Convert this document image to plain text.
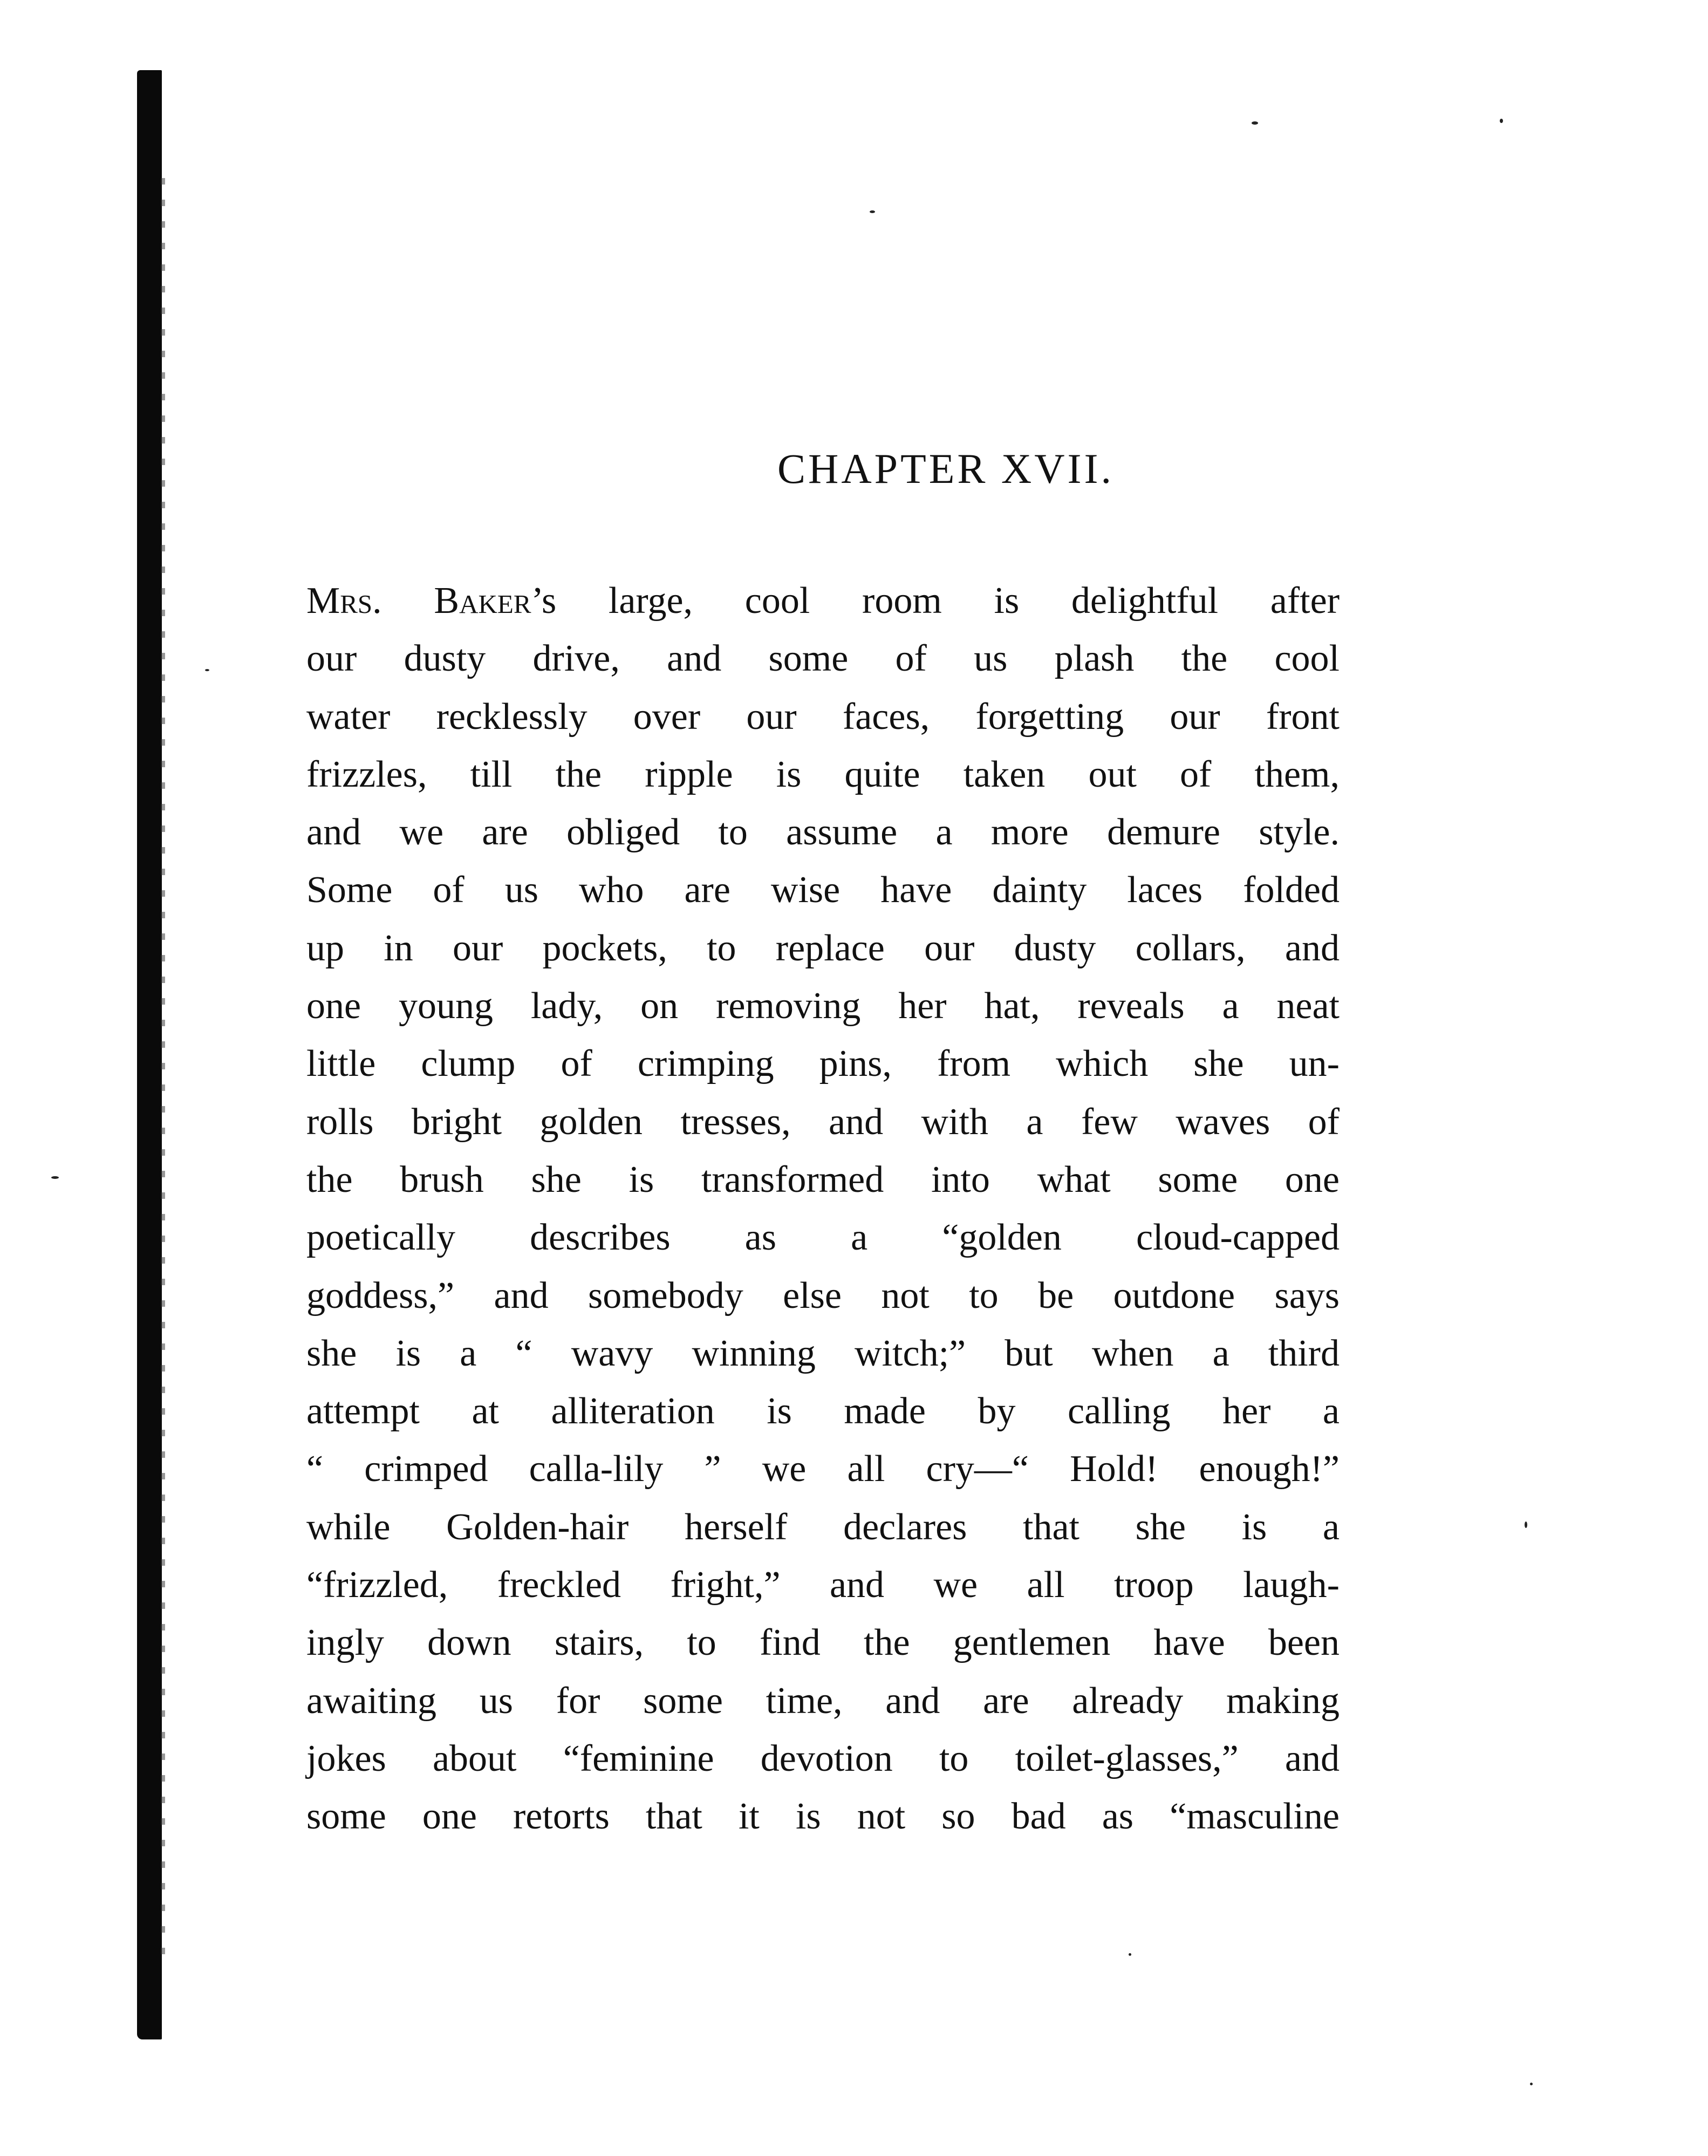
CHAPTER XVII.
Mrs. Baker’s large, cool room is delightful after
our dusty drive, and some of us plash the cool
water recklessly over our faces, forgetting our front
frizzles, till the ripple is quite taken out of them,
and we are obliged to assume a more demure style.
Some of us who are wise have dainty laces folded
up in our pockets, to replace our dusty collars, and
one young lady, on removing her hat, reveals a neat
little clump of crimping pins, from which she un-
rolls bright golden tresses, and with a few waves of
the brush she is transformed into what some one
poetically describes as a “golden cloud-capped
goddess,” and somebody else not to be outdone says
she is a “ wavy winning witch;” but when a third
attempt at alliteration is made by calling her a
“ crimped calla-lily ” we all cry—“ Hold! enough!”
while Golden-hair herself declares that she is a
“frizzled, freckled fright,” and we all troop laugh-
ingly down stairs, to find the gentlemen have been
awaiting us for some time, and are already making
jokes about “feminine devotion to toilet-glasses,” and
some one retorts that it is not so bad as “masculine
